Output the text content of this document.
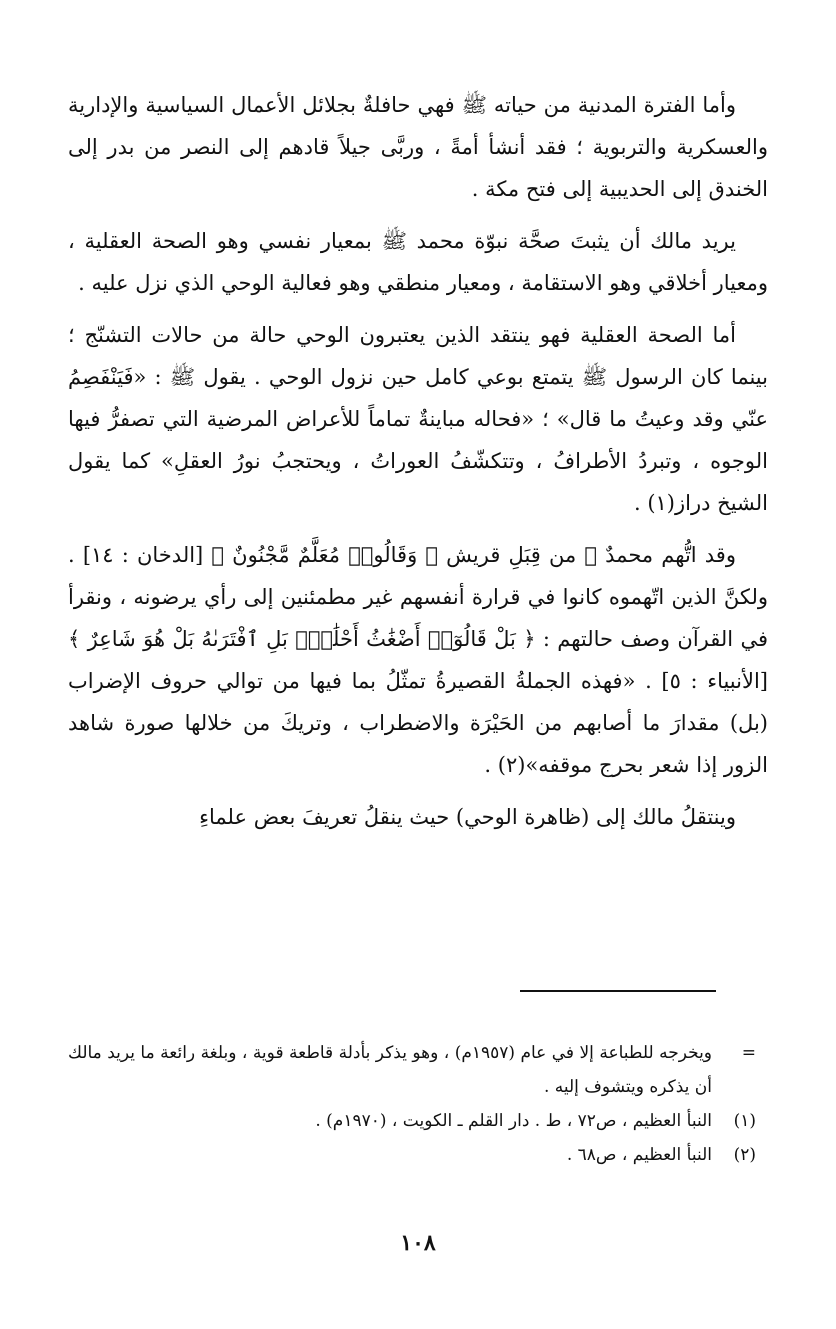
وأما الفترة المدنية من حياته ﷺ فهي حافلةٌ بجلائل الأعمال السياسية والإدارية والعسكرية والتربوية ؛ فقد أنشأ أمةً ، وربَّى جيلاً قادهم إلى النصر من بدر إلى الخندق إلى الحديبية إلى فتح مكة .

يريد مالك أن يثبتَ صحَّة نبوّة محمد ﷺ بمعيار نفسي وهو الصحة العقلية ، ومعيار أخلاقي وهو الاستقامة ، ومعيار منطقي وهو فعالية الوحي الذي نزل عليه .

أما الصحة العقلية فهو ينتقد الذين يعتبرون الوحي حالة من حالات التشنّج ؛ بينما كان الرسول ﷺ يتمتع بوعي كامل حين نزول الوحي . يقول ﷺ : «فَيَنْفَصِمُ عنّي وقد وعيتُ ما قال» ؛ «فحاله مباينةٌ تماماً للأعراض المرضية التي تصفرُّ فيها الوجوه ، وتبردُ الأطرافُ ، وتتكشّفُ العوراتُ ، ويحتجبُ نورُ العقلِ» كما يقول الشيخ دراز(١) .

وقد اتُّهم محمدٌ ﷺ من قِبَلِ قريش ﴿ وَقَالُوا۟ مُعَلَّمٌ مَّجْنُونٌ ﴾ [الدخان : ١٤] . ولكنَّ الذين اتّهموه كانوا في قرارة أنفسهم غير مطمئنين إلى رأي يرضونه ، ونقرأ في القرآن وصف حالتهم : ﴿ بَلْ قَالُوٓا۟ أَضْغَٰثُ أَحْلَٰمٍۭ بَلِ ٱفْتَرَىٰهُ بَلْ هُوَ شَاعِرٌ ﴾ [الأنبياء : ٥] . «فهذه الجملةُ القصيرةُ تمثّلُ بما فيها من توالي حروف الإضراب (بل) مقدارَ ما أصابهم من الحَيْرَة والاضطراب ، وتريكَ من خلالها صورة شاهد الزور إذا شعر بحرج موقفه»(٢) .

وينتقلُ مالك إلى (ظاهرة الوحي) حيث ينقلُ تعريفَ بعض علماءِ

=
ويخرجه للطباعة إلا في عام (١٩٥٧م) ، وهو يذكر بأدلة قاطعة قوية ، وبلغة رائعة ما يريد مالك أن يذكره ويتشوف إليه .

(١)
النبأ العظيم ، ص٧٢ ، ط . دار القلم ـ الكويت ، (١٩٧٠م) .

(٢)
النبأ العظيم ، ص٦٨ .

١٠٨
